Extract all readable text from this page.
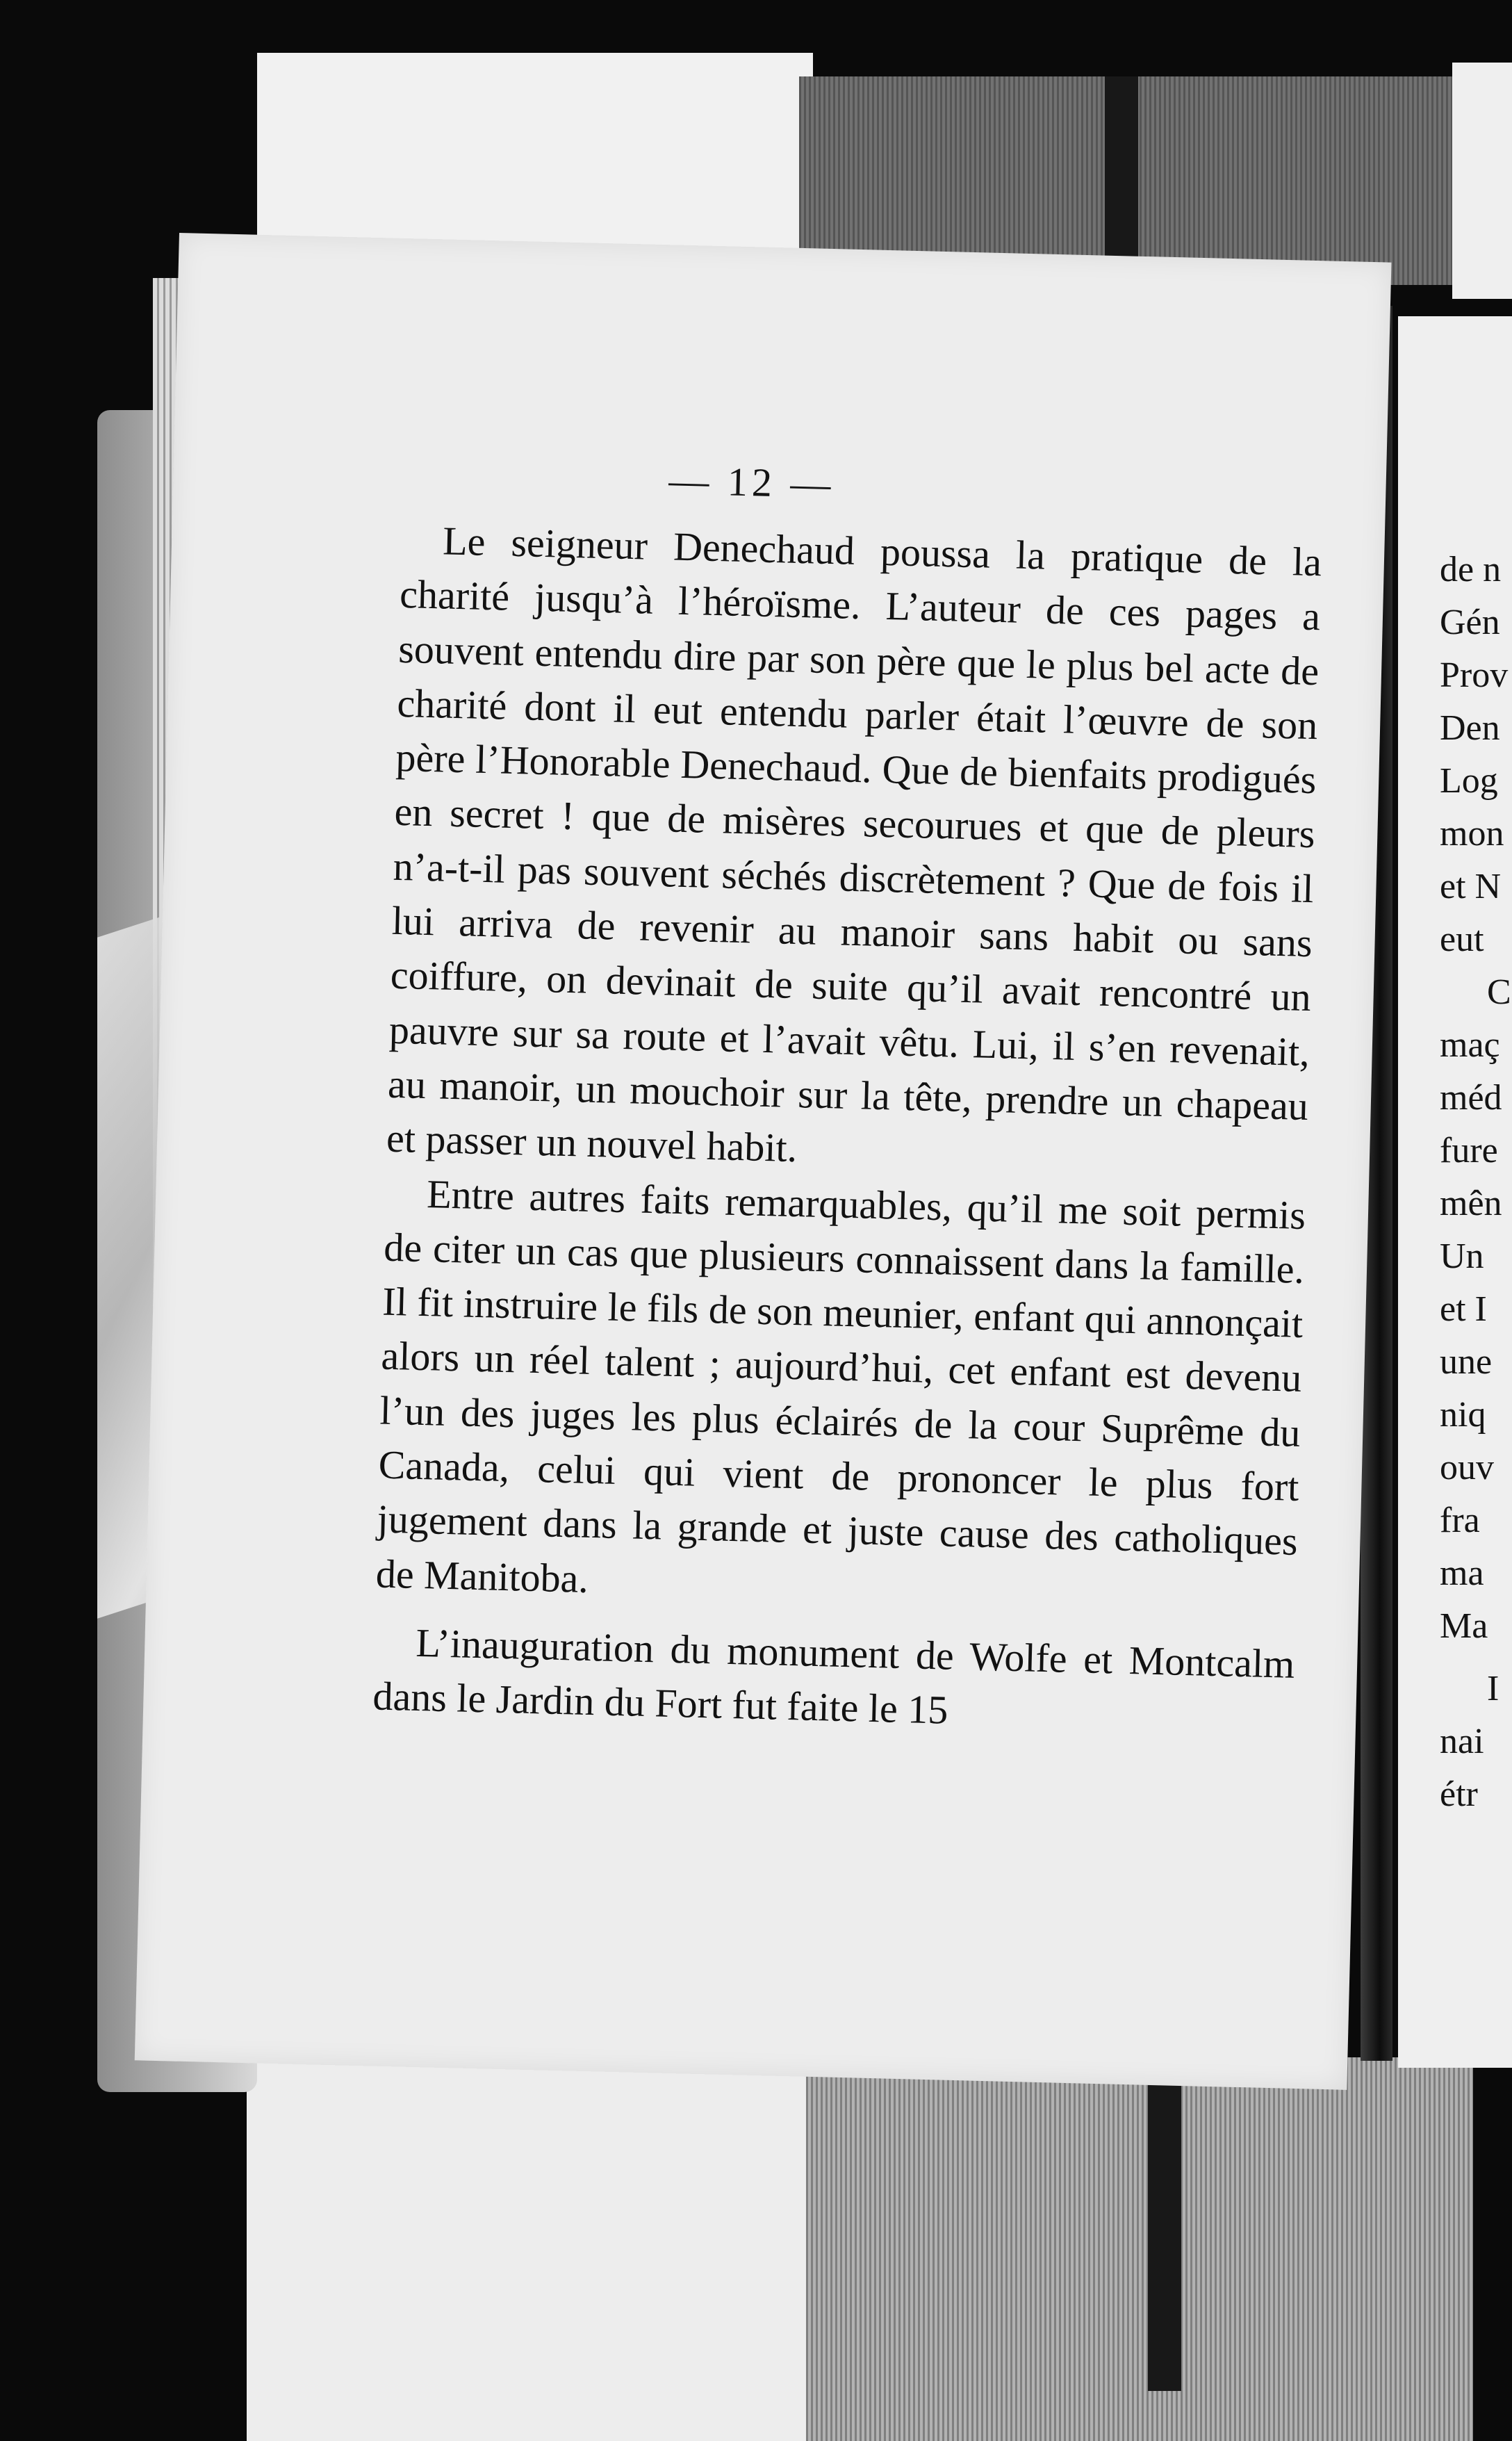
de n
Gén
Prov
Den
Log
mon
et N
eut
C
maç
méd
fure
mên
Un
et I
une
niq
ouv
fra
ma
Ma
I
nai
étr
— 12 —

Le seigneur Denechaud poussa la pratique de la charité jusqu’à l’héroïsme. L’auteur de ces pages a souvent entendu dire par son père que le plus bel acte de charité dont il eut entendu parler était l’œuvre de son père l’Honorable Denechaud. Que de bienfaits prodigués en secret ! que de misères secourues et que de pleurs n’a-t-il pas souvent séchés discrètement ? Que de fois il lui arriva de revenir au manoir sans habit ou sans coiffure, on devinait de suite qu’il avait rencontré un pauvre sur sa route et l’avait vêtu. Lui, il s’en revenait, au manoir, un mouchoir sur la tête, prendre un chapeau et passer un nouvel habit.

Entre autres faits remarquables, qu’il me soit permis de citer un cas que plusieurs connaissent dans la famille. Il fit instruire le fils de son meunier, enfant qui annonçait alors un réel talent ; aujourd’hui, cet enfant est devenu l’un des juges les plus éclairés de la cour Suprême du Canada, celui qui vient de prononcer le plus fort jugement dans la grande et juste cause des catholiques de Manitoba.

L’inauguration du monument de Wolfe et Montcalm dans le Jardin du Fort fut faite le 15
